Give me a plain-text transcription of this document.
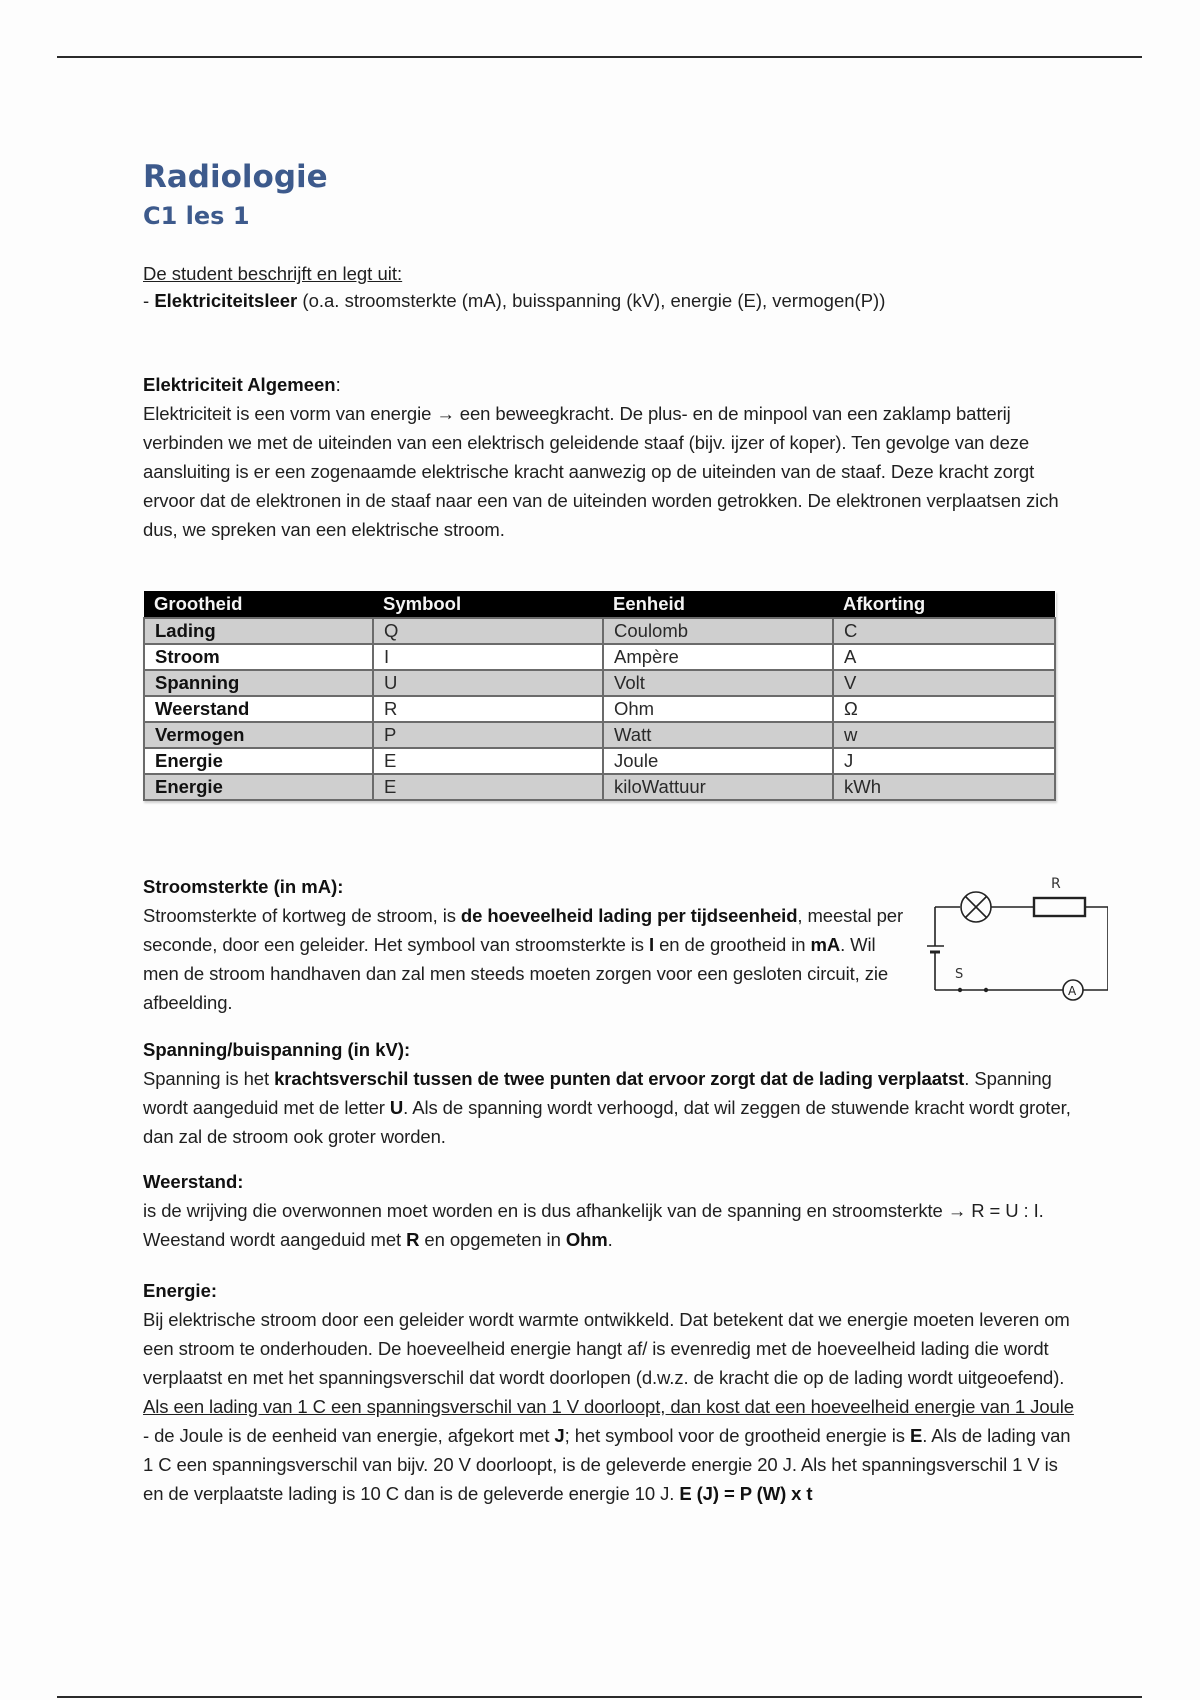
Radiologie
C1 les 1
De student beschrijft en legt uit:
- Elektriciteitsleer (o.a. stroomsterkte (mA), buisspanning (kV), energie (E), vermogen(P))

Elektriciteit Algemeen:

Elektriciteit is een vorm van energie → een beweegkracht. De plus- en de minpool van een zaklamp batterij verbinden we met de uiteinden van een elektrisch geleidende staaf (bijv. ijzer of koper). Ten gevolge van deze aansluiting is er een zogenaamde elektrische kracht aanwezig op de uiteinden van de staaf. Deze kracht zorgt ervoor dat de elektronen in de staaf naar een van de uiteinden worden getrokken. De elektronen verplaatsen zich dus, we spreken van een elektrische stroom.

Grootheid	Symbool	Eenheid	Afkorting
Lading	Q	Coulomb	C
Stroom	I	Ampère	A
Spanning	U	Volt	V
Weerstand	R	Ohm	Ω
Vermogen	P	Watt	w
Energie	E	Joule	J
Energie	E	kiloWattuur	kWh

Stroomsterkte (in mA):

Stroomsterkte of kortweg de stroom, is de hoeveelheid lading per tijdseenheid, meestal per seconde, door een geleider. Het symbool van stroomsterkte is I en de grootheid in mA. Wil men de stroom handhaven dan zal men steeds moeten zorgen voor een gesloten circuit, zie afbeelding.

R
S
A

Spanning/buispanning (in kV):

Spanning is het krachtsverschil tussen de twee punten dat ervoor zorgt dat de lading verplaatst. Spanning wordt aangeduid met de letter U. Als de spanning wordt verhoogd, dat wil zeggen de stuwende kracht wordt groter, dan zal de stroom ook groter worden.

Weerstand:

is de wrijving die overwonnen moet worden en is dus afhankelijk van de spanning en stroomsterkte → R = U : I. Weestand wordt aangeduid met R en opgemeten in Ohm.

Energie:

Bij elektrische stroom door een geleider wordt warmte ontwikkeld. Dat betekent dat we energie moeten leveren om een stroom te onderhouden. De hoeveelheid energie hangt af/ is evenredig met de hoeveelheid lading die wordt verplaatst en met het spanningsverschil dat wordt doorlopen (d.w.z. de kracht die op de lading wordt uitgeoefend). Als een lading van 1 C een spanningsverschil van 1 V doorloopt, dan kost dat een hoeveelheid energie van 1 Joule - de Joule is de eenheid van energie, afgekort met J; het symbool voor de grootheid energie is E. Als de lading van 1 C een spanningsverschil van bijv. 20 V doorloopt, is de geleverde energie 20 J. Als het spanningsverschil 1 V is en de verplaatste lading is 10 C dan is de geleverde energie 10 J. E (J) = P (W) x t
